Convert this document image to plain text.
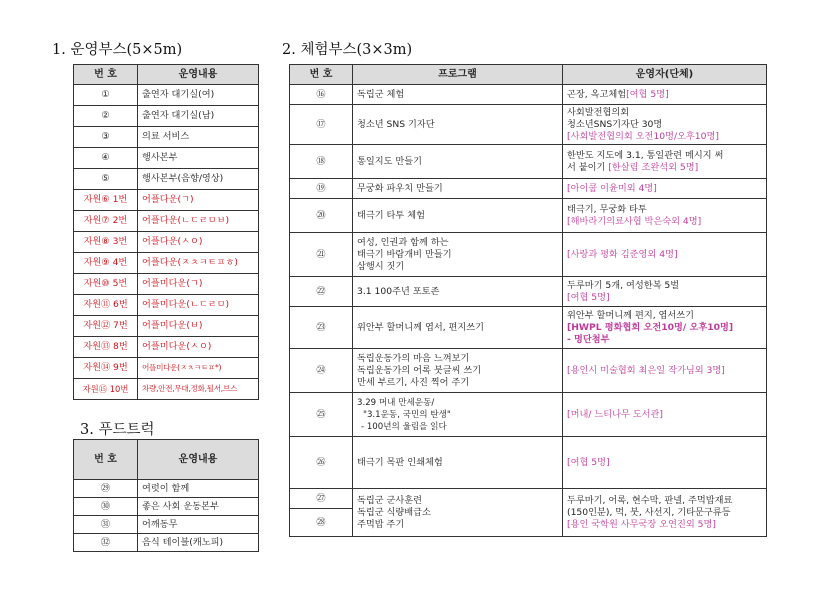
1. 운영부스(5×5m)	2. 체험부스(3×3m)
3. 푸드트럭
번 호	운영내용
①	출연자 대기실(여)
②	출연자 대기실(남)
③	의료 서비스
④	행사본부
⑤	행사본부(음향/영상)
자원⑥ 1번	어플다운(ㄱ)
자원⑦ 2번	어플다운(ㄴㄷㄹㅁㅂ)
자원⑧ 3번	어플다운(ㅅㅇ)
자원⑨ 4번	어플다운(ㅈㅊㅋㅌㅍㅎ)
자원⑩ 5번	어플미다운(ㄱ)
자원⑪ 6번	어플미다운(ㄴㄷㄹㅁ)
자원⑫ 7번	어플미다운(ㅂ)
자원⑬ 8번	어플미다운(ㅅㅇ)
자원⑭ 9번	어플미다운(ㅈㅊㅋㅌㅍ*)
자원⑮ 10번	차량,안전,무대,정화,될서,브스
번 호	운영내용
㉙	여럿이 함께
㉚	좋은 사회 운동본부
㉛	어깨동무
㉜	음식 테이블(캐노피)
번 호	프로그램	운영자(단체)
⑯	독립군 체험	곤장, 옥고체험[여협 5명]
⑰	청소년 SNS 기자단	사회발전협의회
청소년SNS기자단 30명
[사회발전협의회 오전10명/오후10명]

⑱	통일지도 만들기	한반도 지도에 3.1, 통일관련 메시지 써
서 붙이기 [한살림 조완석외 5명]
⑲	무궁화 파우치 만들기	[아이쿱 이윤미외 4명]
⑳	태극기 타투 체험	태극기, 무궁화 타투
[해바라기의료사협 박은숙외 4명]

㉑	여성, 인권과 함께 하는
태극기 바람개비 만들기
삼행시 짓기	[사랑과 평화 김준영외 4명]
㉒	3.1 100주년 포토존	두루마기 5개, 여성한복 5벌
[여협 5명]

㉓	위안부 할머니께 엽서, 편지쓰기	위안부 할머니께 편지, 엽서쓰기
[HWPL 평화협회 오전10명/ 오후10명]
- 명단첨부

㉔	독립운동가의 마음 느껴보기
독립운동가의 어록 붓글씨 쓰기
만세 부르기, 사진 찍어 주기	[용인시 미술협회 최은일 작가님외 3명]
㉕	3.29 머내 만세운동/
"3.1운동, 국민의 탄생"
- 100년의 울림을 읽다	[머내/ 느티나무 도서관]
㉖	태극기 목판 인쇄체험	[여협 5명]
㉗	독립군 군사훈련
독립군 식량배급소
주먹밥 주기	두루마기, 어록, 현수막, 판넬, 주먹밥재료
(150인분), 먹, 붓, 사선지, 기타문구류등
[용인 국학원 사무국장 오연진외 5명]

㉘		
